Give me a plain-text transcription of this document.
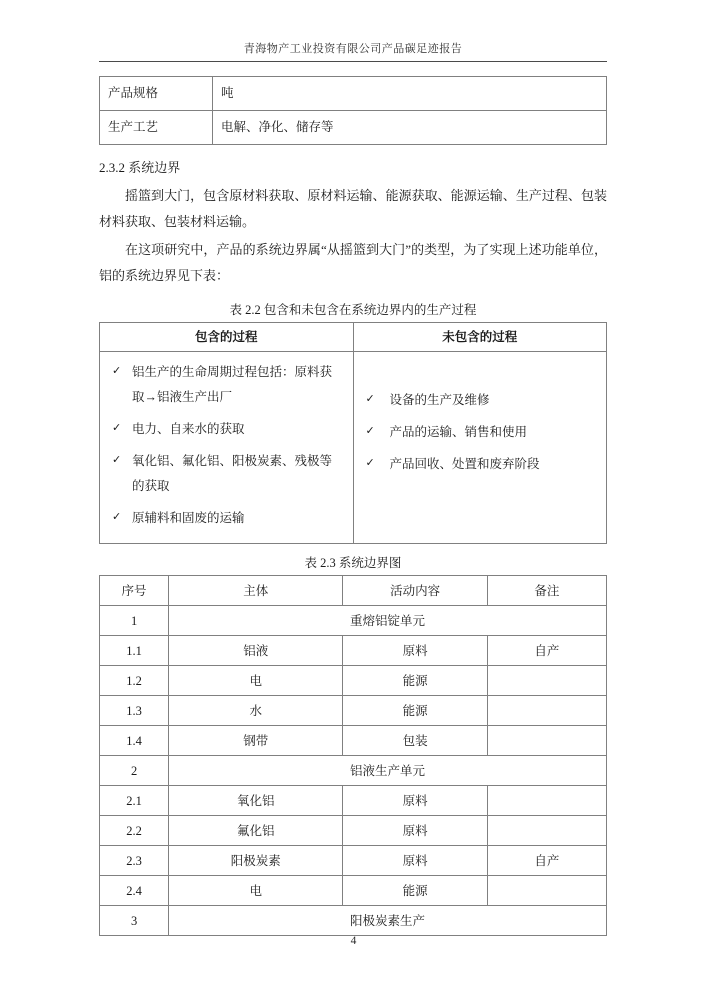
青海物产工业投资有限公司产品碳足迹报告
产品规格	吨
生产工艺	电解、净化、储存等
2.3.2 系统边界

摇篮到大门，包含原材料获取、原材料运输、能源获取、能源运输、生产过程、包装材料获取、包装材料运输。

在这项研究中，产品的系统边界属“从摇篮到大门”的类型，为了实现上述功能单位，铝的系统边界见下表：

表 2.2 包含和未包含在系统边界内的生产过程
包含的过程	未包含的过程

✓ 铝生产的生命周期过程包括：原料获取→铝液生产出厂
✓ 电力、自来水的获取
✓ 氧化铝、氟化铝、阳极炭素、残极等的获取
✓ 原辅料和固废的运输

✓ 设备的生产及维修
✓ 产品的运输、销售和使用
✓ 产品回收、处置和废弃阶段
表 2.3 系统边界图
序号	主体	活动内容	备注
1	重熔铝锭单元		
1.1	铝液	原料	自产
1.2	电	能源	
1.3	水	能源	
1.4	钢带	包装	
2	铝液生产单元		
2.1	氧化铝	原料	
2.2	氟化铝	原料	
2.3	阳极炭素	原料	自产
2.4	电	能源	
3	阳极炭素生产		
4
